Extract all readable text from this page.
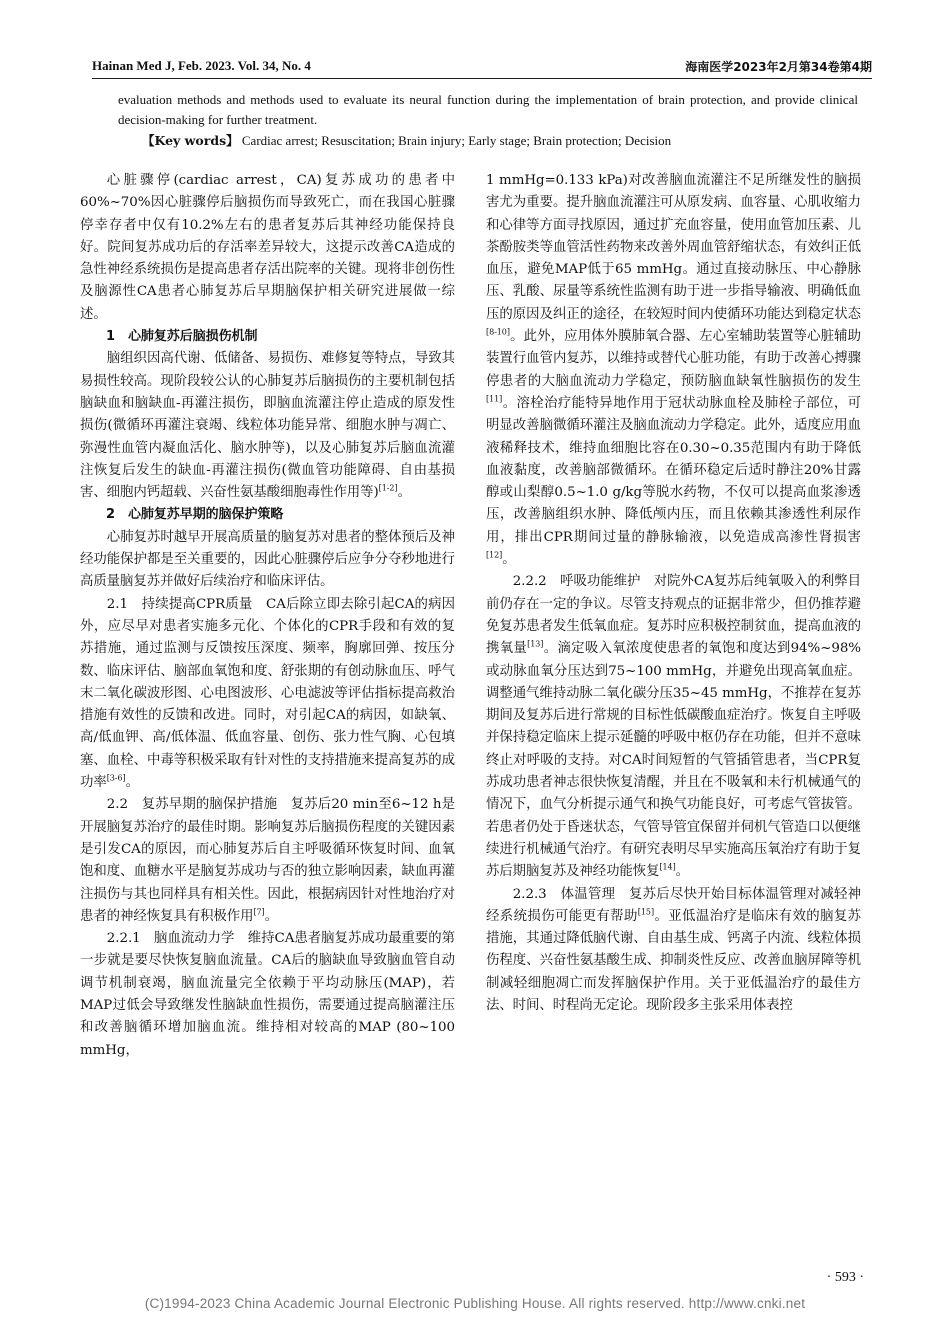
Hainan Med J, Feb. 2023. Vol. 34, No. 4	海南医学2023年2月第34卷第4期
evaluation methods and methods used to evaluate its neural function during the implementation of brain protection, and provide clinical decision-making for further treatment.
【Key words】 Cardiac arrest; Resuscitation; Brain injury; Early stage; Brain protection; Decision

心脏骤停(cardiac arrest，CA)复苏成功的患者中60%~70%因心脏骤停后脑损伤而导致死亡，而在我国心脏骤停幸存者中仅有10.2%左右的患者复苏后其神经功能保持良好。院间复苏成功后的存活率差异较大，这提示改善CA造成的急性神经系统损伤是提高患者存活出院率的关键。现将非创伤性及脑源性CA患者心肺复苏后早期脑保护相关研究进展做一综述。

1　心肺复苏后脑损伤机制

脑组织因高代谢、低储备、易损伤、难修复等特点，导致其易损性较高。现阶段较公认的心肺复苏后脑损伤的主要机制包括脑缺血和脑缺血-再灌注损伤，即脑血流灌注停止造成的原发性损伤(微循环再灌注衰竭、线粒体功能异常、细胞水肿与凋亡、弥漫性血管内凝血活化、脑水肿等)，以及心肺复苏后脑血流灌注恢复后发生的缺血-再灌注损伤(微血管功能障碍、自由基损害、细胞内钙超载、兴奋性氨基酸细胞毒性作用等)[1-2]。

2　心肺复苏早期的脑保护策略

心肺复苏时越早开展高质量的脑复苏对患者的整体预后及神经功能保护都是至关重要的，因此心脏骤停后应争分夺秒地进行高质量脑复苏并做好后续治疗和临床评估。

2.1　持续提高CPR质量　CA后除立即去除引起CA的病因外，应尽早对患者实施多元化、个体化的CPR手段和有效的复苏措施，通过监测与反馈按压深度、频率，胸廓回弹、按压分数、临床评估、脑部血氧饱和度、舒张期的有创动脉血压、呼气末二氧化碳波形图、心电图波形、心电滤波等评估指标提高救治措施有效性的反馈和改进。同时，对引起CA的病因，如缺氧、高/低血钾、高/低体温、低血容量、创伤、张力性气胸、心包填塞、血栓、中毒等积极采取有针对性的支持措施来提高复苏的成功率[3-6]。

2.2　复苏早期的脑保护措施　复苏后20 min至6~12 h是开展脑复苏治疗的最佳时期。影响复苏后脑损伤程度的关键因素是引发CA的原因，而心肺复苏后自主呼吸循环恢复时间、血氧饱和度、血糖水平是脑复苏成功与否的独立影响因素，缺血再灌注损伤与其也同样具有相关性。因此，根据病因针对性地治疗对患者的神经恢复具有积极作用[7]。

2.2.1　脑血流动力学　维持CA患者脑复苏成功最重要的第一步就是要尽快恢复脑血流量。CA后的脑缺血导致脑血管自动调节机制衰竭，脑血流量完全依赖于平均动脉压(MAP)，若MAP过低会导致继发性脑缺血性损伤，需要通过提高脑灌注压和改善脑循环增加脑血流。维持相对较高的MAP (80~100 mmHg，

1 mmHg=0.133 kPa)对改善脑血流灌注不足所继发性的脑损害尤为重要。提升脑血流灌注可从原发病、血容量、心肌收缩力和心律等方面寻找原因，通过扩充血容量，使用血管加压素、儿茶酚胺类等血管活性药物来改善外周血管舒缩状态，有效纠正低血压，避免MAP低于65 mmHg。通过直接动脉压、中心静脉压、乳酸、尿量等系统性监测有助于进一步指导输液、明确低血压的原因及纠正的途径，在较短时间内使循环功能达到稳定状态[8-10]。此外，应用体外膜肺氧合器、左心室辅助装置等心脏辅助装置行血管内复苏，以维持或替代心脏功能，有助于改善心搏骤停患者的大脑血流动力学稳定，预防脑血缺氧性脑损伤的发生[11]。溶栓治疗能特异地作用于冠状动脉血栓及肺栓子部位，可明显改善脑微循环灌注及脑血流动力学稳定。此外，适度应用血液稀释技术，维持血细胞比容在0.30~0.35范围内有助于降低血液黏度，改善脑部微循环。在循环稳定后适时静注20%甘露醇或山梨醇0.5~1.0 g/kg等脱水药物，不仅可以提高血浆渗透压，改善脑组织水肿、降低颅内压，而且依赖其渗透性利尿作用，排出CPR期间过量的静脉输液，以免造成高渗性肾损害[12]。

2.2.2　呼吸功能维护　对院外CA复苏后纯氧吸入的利弊目前仍存在一定的争议。尽管支持观点的证据非常少，但仍推荐避免复苏患者发生低氧血症。复苏时应积极控制贫血，提高血液的携氧量[13]。滴定吸入氧浓度使患者的氧饱和度达到94%~98%或动脉血氧分压达到75~100 mmHg，并避免出现高氧血症。调整通气维持动脉二氧化碳分压35~45 mmHg，不推荐在复苏期间及复苏后进行常规的目标性低碳酸血症治疗。恢复自主呼吸并保持稳定临床上提示延髓的呼吸中枢仍存在功能，但并不意味终止对呼吸的支持。对CA时间短暂的气管插管患者，当CPR复苏成功患者神志很快恢复清醒，并且在不吸氧和未行机械通气的情况下，血气分析提示通气和换气功能良好，可考虑气管拔管。若患者仍处于昏迷状态，气管导管宜保留并伺机气管造口以便继续进行机械通气治疗。有研究表明尽早实施高压氧治疗有助于复苏后期脑复苏及神经功能恢复[14]。

2.2.3　体温管理　复苏后尽快开始目标体温管理对减轻神经系统损伤可能更有帮助[15]。亚低温治疗是临床有效的脑复苏措施，其通过降低脑代谢、自由基生成、钙离子内流、线粒体损伤程度、兴奋性氨基酸生成、抑制炎性反应、改善血脑屏障等机制减轻细胞凋亡而发挥脑保护作用。关于亚低温治疗的最佳方法、时间、时程尚无定论。现阶段多主张采用体表控

· 593 ·
(C)1994-2023 China Academic Journal Electronic Publishing House. All rights reserved. http://www.cnki.net
